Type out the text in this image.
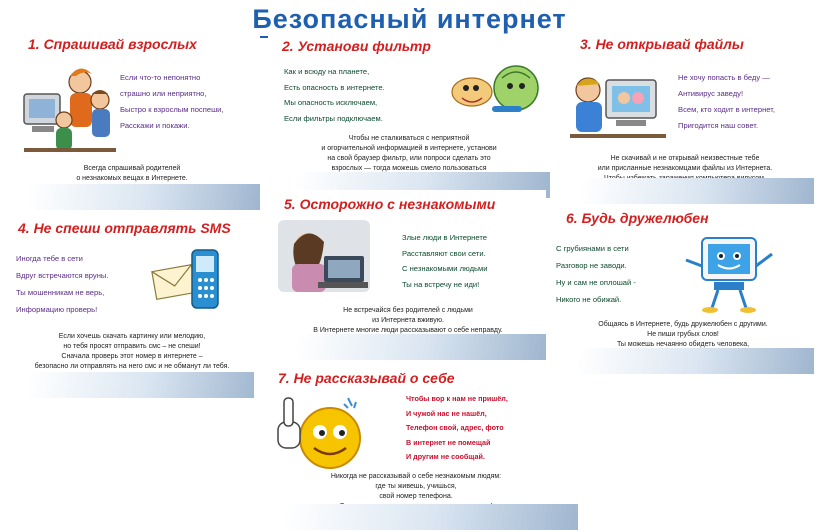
Безопасный интернет
1. Спрашивай взрослых
Если что-то непонятно
страшно или неприятно,
Быстро к взрослым поспеши,
Расскажи и покажи.
Всегда спрашивай родителей
о незнакомых вещах в Интернете.
2. Установи фильтр
Как и всюду на планете,
Есть опасность в интернете.
Мы опасность исключаем,
Если фильтры подключаем.
Чтобы не сталкиваться с неприятной
и огорчительной информацией в интернете, установи
на свой браузер фильтр, или попроси сделать это
взрослых — тогда можешь смело пользоваться
3. Не открывай файлы
Не хочу попасть в беду —
Антивирус заведу!
Всем, кто ходит в интернет,
Пригодится наш совет.
Не скачивай и не открывай неизвестные тебе
или присланные незнакомцами файлы из Интернета.
4. Не спеши отправлять SMS
Иногда тебе в сети
Вдруг встречаются вруны.
Ты мошенникам не верь,
Информацию проверь!
Если хочешь скачать картинку или мелодию,
но тебя просят отправить смс – не спеши!
Сначала проверь этот номер в интернете –
безопасно ли отправлять на него смс и не обманут ли тебя.
5. Осторожно с незнакомыми
Злые люди в Интернете
Расставляют свои сети.
С незнакомыми людьми
Ты на встречу не иди!
Не встречайся без родителей с людьми
из Интернета вживую.
В Интернете многие люди рассказывают о себе неправду.
6. Будь дружелюбен
С грубиянами в сети
Разговор не заводи.
Ну и сам не оплошай -
Никого не обижай.
Общаясь в Интернете, будь дружелюбен с другими.
Не пиши грубых слов!
Ты можешь нечаянно обидеть человека,
7. Не рассказывай о себе
Чтобы вор к нам не пришёл,
И чужой нас не нашёл,
Телефон свой, адрес, фото
В интернет не помещай
И другим не сообщай.
Никогда не рассказывай о себе незнакомым людям:
где ты живешь, учишься,
свой номер телефона.
